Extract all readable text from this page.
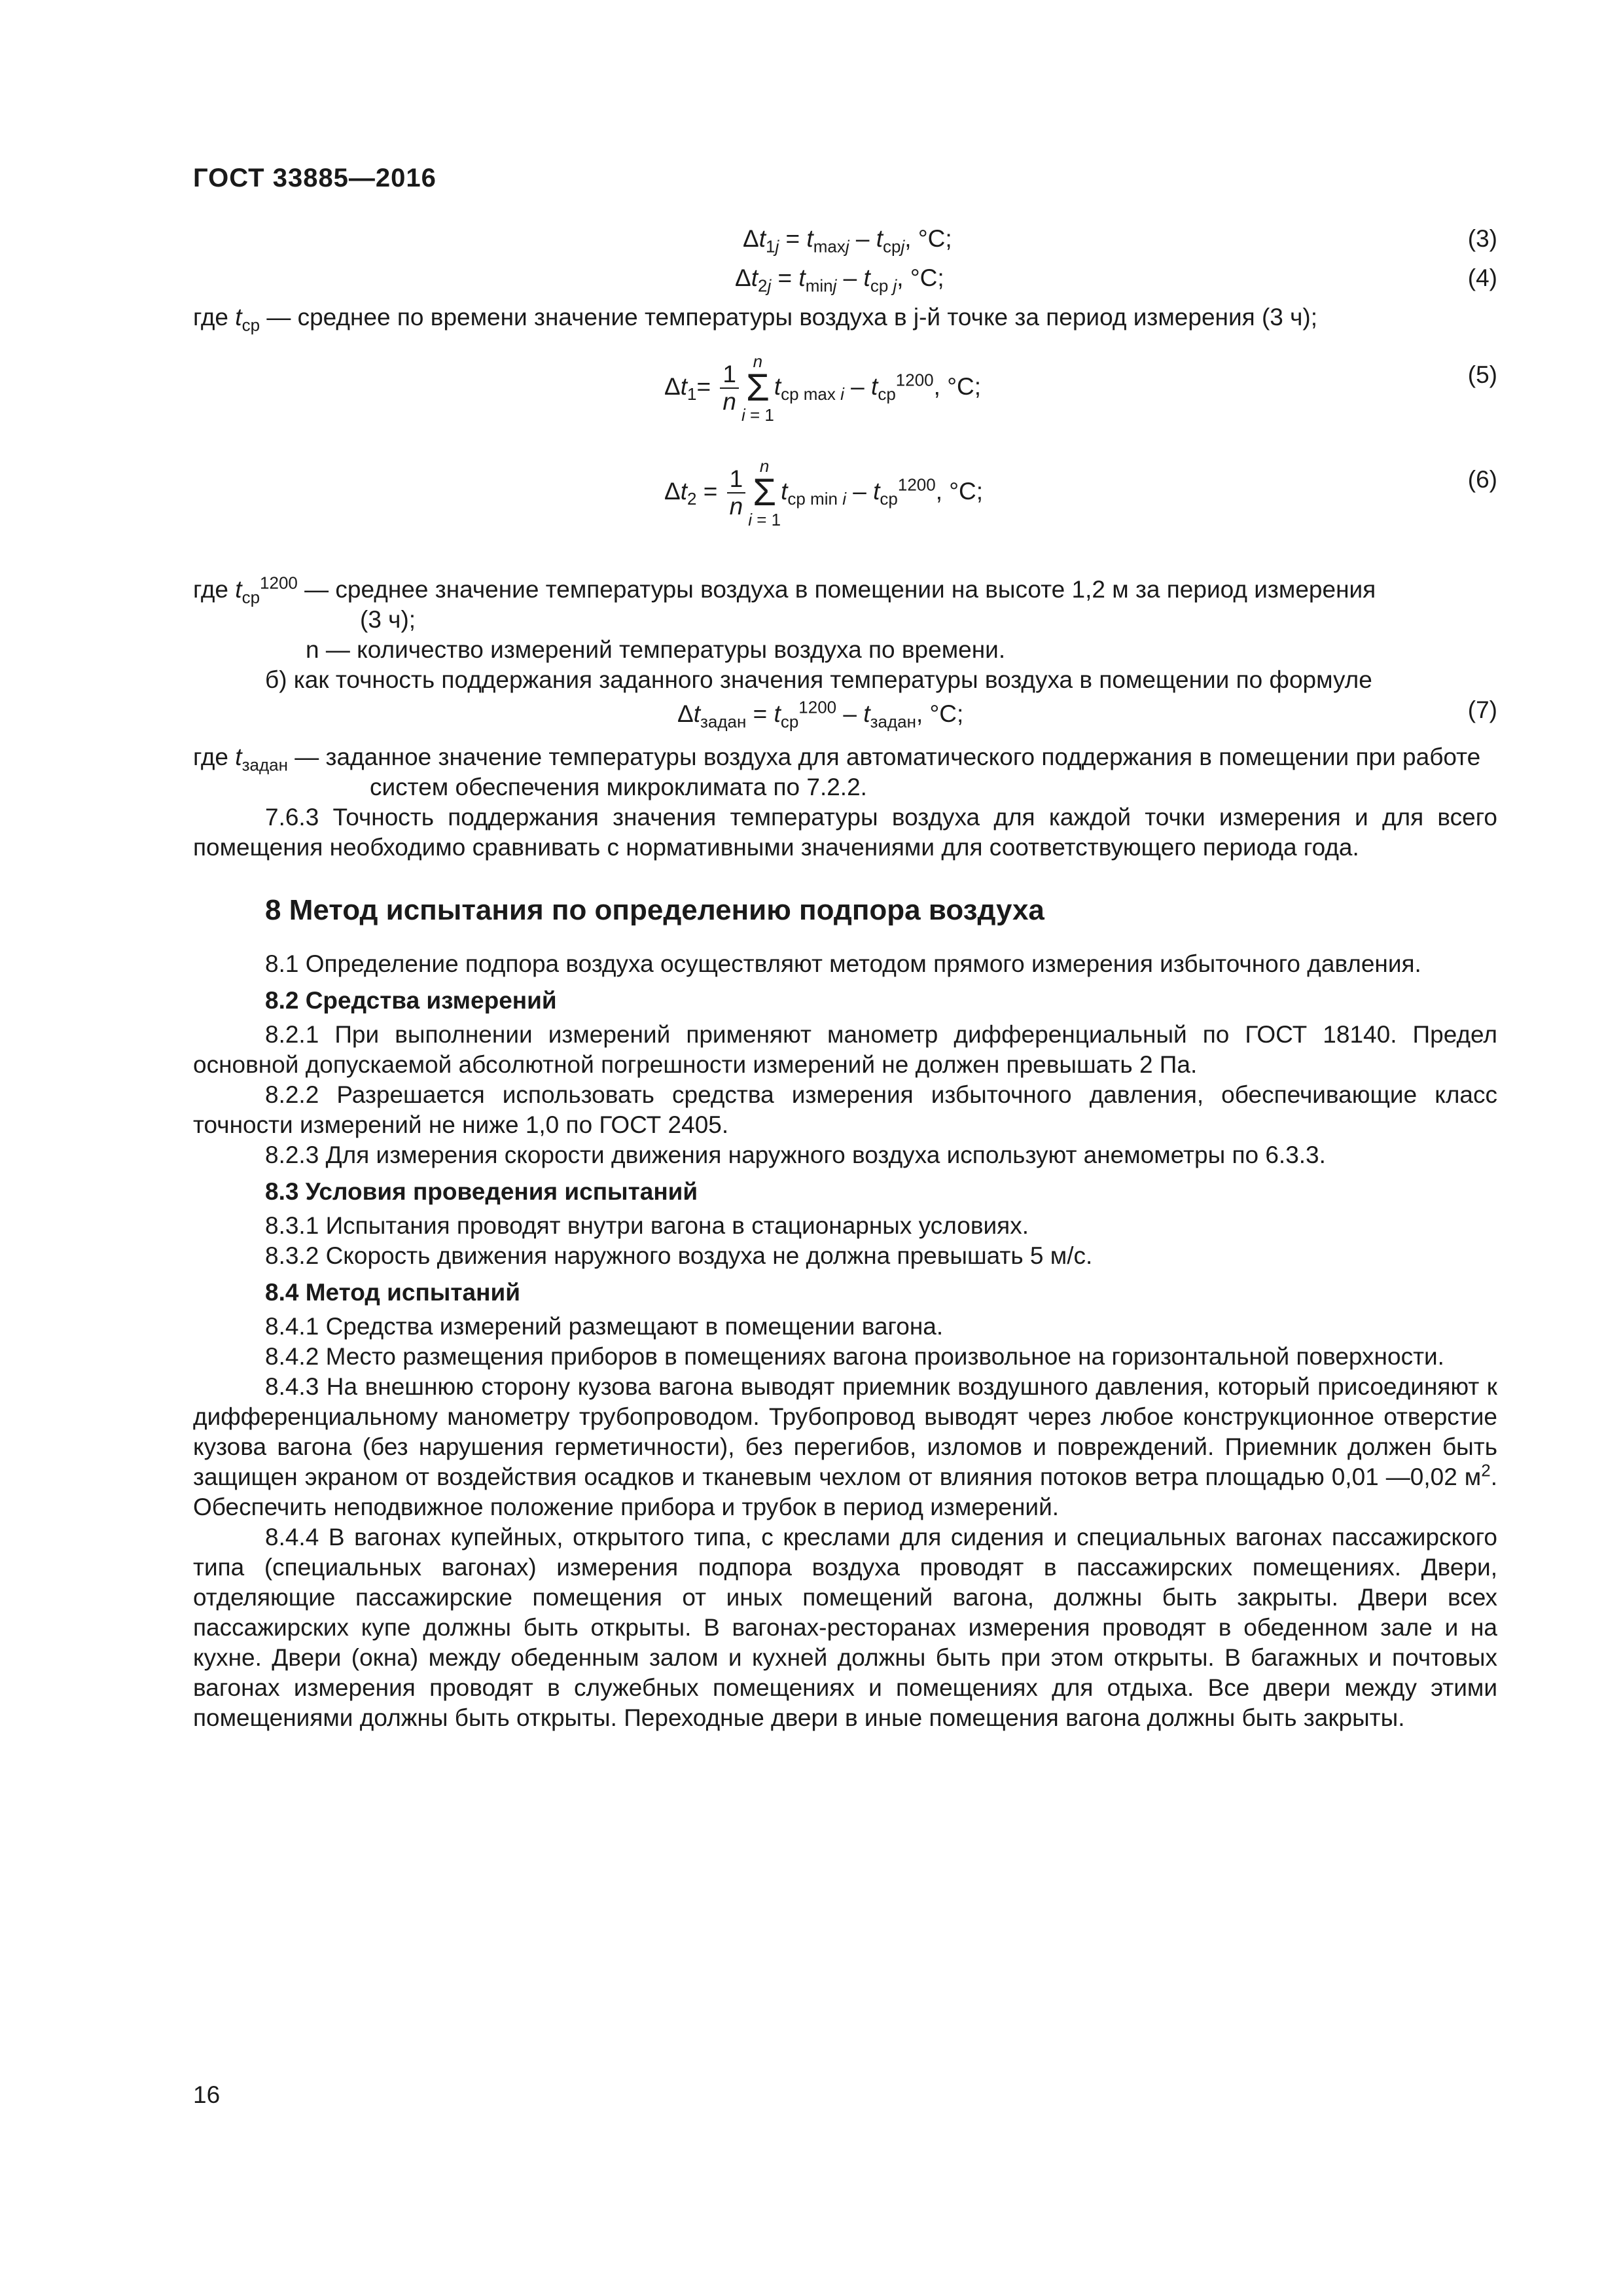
ГОСТ 33885—2016
$\Delta t_{1j} = t_{maxj} - t_{срj}$, °С;	(3)
$\Delta t_{2j} = t_{minj} - t_{ср j}$, °С;	(4)

где $t_{ср}$ — среднее по времени значение температуры воздуха в j-й точке за период измерения (3 ч);

$\Delta t_1= \frac{1}{n}$ n
Σ
$i = 1t_{ср max i} - t_{ср}^{1200}$, °С;	(5)
$\Delta t_2 = \frac{1}{n}$ n
Σ
$i = 1t_{ср min i} - t_{ср}^{1200}$, °С;	(6)

где $t_{ср}^{1200}$ — среднее значение температуры воздуха в помещении на высоте 1,2 м за период измерения

(3 ч);

n — количество измерений температуры воздуха по времени.

б) как точность поддержания заданного значения температуры воздуха в помещении по формуле

$\Delta t_{задан} = t_{ср}^{1200} - t_{задан}$, °С;	(7)

где $t_{задан}$ — заданное значение температуры воздуха для автоматического поддержания в помещении при работе систем обеспечения микроклимата по 7.2.2.

7.6.3 Точность поддержания значения температуры воздуха для каждой точки измерения и для всего помещения необходимо сравнивать с нормативными значениями для соответствующего периода года.

8 Метод испытания по определению подпора воздуха

8.1 Определение подпора воздуха осуществляют методом прямого измерения избыточного давления.

8.2 Средства измерений

8.2.1 При выполнении измерений применяют манометр дифференциальный по ГОСТ 18140. Предел основной допускаемой абсолютной погрешности измерений не должен превышать 2 Па.

8.2.2 Разрешается использовать средства измерения избыточного давления, обеспечивающие класс точности измерений не ниже 1,0 по ГОСТ 2405.

8.2.3 Для измерения скорости движения наружного воздуха используют анемометры по 6.3.3.

8.3 Условия проведения испытаний

8.3.1 Испытания проводят внутри вагона в стационарных условиях.

8.3.2 Скорость движения наружного воздуха не должна превышать 5 м/с.

8.4 Метод испытаний

8.4.1 Средства измерений размещают в помещении вагона.

8.4.2 Место размещения приборов в помещениях вагона произвольное на горизонтальной поверхности.

8.4.3 На внешнюю сторону кузова вагона выводят приемник воздушного давления, который присоединяют к дифференциальному манометру трубопроводом. Трубопровод выводят через любое конструкционное отверстие кузова вагона (без нарушения герметичности), без перегибов, изломов и повреждений. Приемник должен быть защищен экраном от воздействия осадков и тканевым чехлом от влияния потоков ветра площадью 0,01 —0,02 $м^2$. Обеспечить неподвижное положение прибора и трубок в период измерений.

8.4.4 В вагонах купейных, открытого типа, с креслами для сидения и специальных вагонах пассажирского типа (специальных вагонах) измерения подпора воздуха проводят в пассажирских помещениях. Двери, отделяющие пассажирские помещения от иных помещений вагона, должны быть закрыты. Двери всех пассажирских купе должны быть открыты. В вагонах-ресторанах измерения проводят в обеденном зале и на кухне. Двери (окна) между обеденным залом и кухней должны быть при этом открыты. В багажных и почтовых вагонах измерения проводят в служебных помещениях и помещениях для отдыха. Все двери между этими помещениями должны быть открыты. Переходные двери в иные помещения вагона должны быть закрыты.

16
